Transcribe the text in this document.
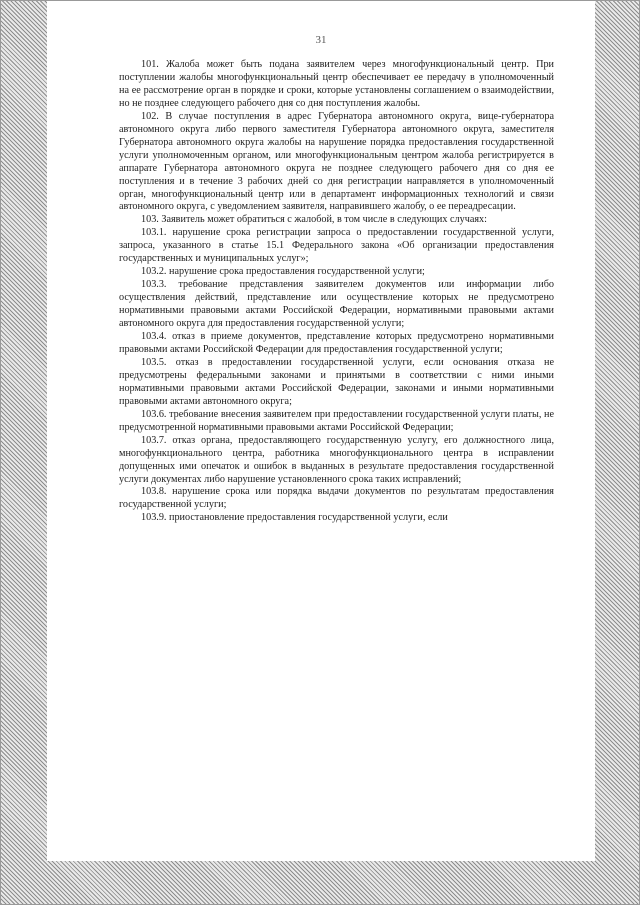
31

101. Жалоба может быть подана заявителем через многофункциональный центр. При поступлении жалобы многофункциональный центр обеспечивает ее передачу в уполномоченный на ее рассмотрение орган в порядке и сроки, которые установлены соглашением о взаимодействии, но не позднее следующего рабочего дня со дня поступления жалобы.

102. В случае поступления в адрес Губернатора автономного округа, вице-губернатора автономного округа либо первого заместителя Губернатора автономного округа, заместителя Губернатора автономного округа жалобы на нарушение порядка предоставления государственной услуги уполномоченным органом, или многофункциональным центром жалоба регистрируется в аппарате Губернатора автономного округа не позднее следующего рабочего дня со дня ее поступления и в течение 3 рабочих дней со дня регистрации направляется в уполномоченный орган, многофункциональный центр или в департамент информационных технологий и связи автономного округа, с уведомлением заявителя, направившего жалобу, о ее переадресации.

103. Заявитель может обратиться с жалобой, в том числе в следующих случаях:

103.1. нарушение срока регистрации запроса о предоставлении государственной услуги, запроса, указанного в статье 15.1 Федерального закона «Об организации предоставления государственных и муниципальных услуг»;

103.2. нарушение срока предоставления государственной услуги;

103.3. требование представления заявителем документов или информации либо осуществления действий, представление или осуществление которых не предусмотрено нормативными правовыми актами Российской Федерации, нормативными правовыми актами автономного округа для предоставления государственной услуги;

103.4. отказ в приеме документов, представление которых предусмотрено нормативными правовыми актами Российской Федерации для предоставления государственной услуги;

103.5. отказ в предоставлении государственной услуги, если основания отказа не предусмотрены федеральными законами и принятыми в соответствии с ними иными нормативными правовыми актами Российской Федерации, законами и иными нормативными правовыми актами автономного округа;

103.6. требование внесения заявителем при предоставлении государственной услуги платы, не предусмотренной нормативными правовыми актами Российской Федерации;

103.7. отказ органа, предоставляющего государственную услугу, его должностного лица, многофункционального центра, работника многофункционального центра в исправлении допущенных ими опечаток и ошибок в выданных в результате предоставления государственной услуги документах либо нарушение установленного срока таких исправлений;

103.8. нарушение срока или порядка выдачи документов по результатам предоставления государственной услуги;

103.9. приостановление предоставления государственной услуги, если
